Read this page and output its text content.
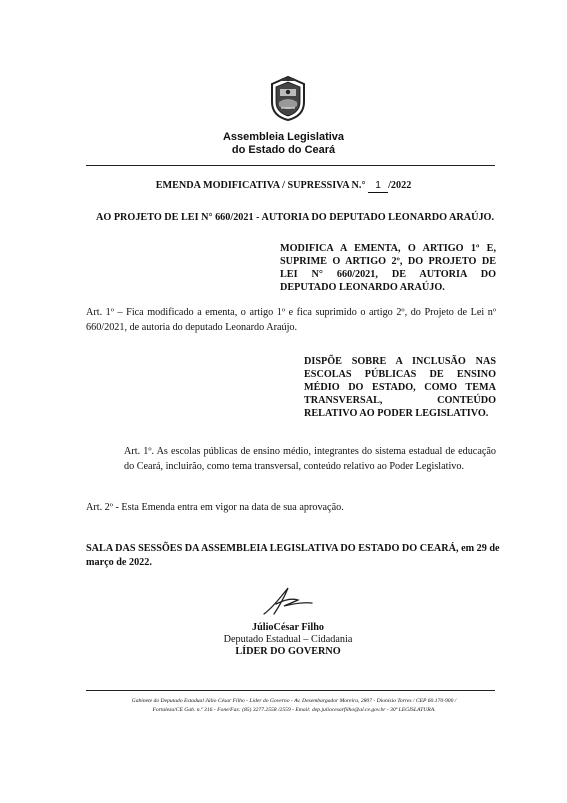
Assembleia Legislativa
do Estado do Ceará
EMENDA MODIFICATIVA / SUPRESSIVA N.° 1 /2022
AO PROJETO DE LEI N° 660/2021 - AUTORIA DO DEPUTADO LEONARDO ARAÚJO.
MODIFICA A EMENTA, O ARTIGO 1º E, SUPRIME O ARTIGO 2º, DO PROJETO DE LEI N° 660/2021, DE AUTORIA DO DEPUTADO LEONARDO ARAÚJO.
Art. 1º – Fica modificado a ementa, o artigo 1º e fica suprimido o artigo 2º, do Projeto de Lei nº 660/2021, de autoria do deputado Leonardo Araújo.
DISPÕE SOBRE A INCLUSÃO NAS ESCOLAS PÚBLICAS DE ENSINO MÉDIO DO ESTADO, COMO TEMA TRANSVERSAL, CONTEÚDO RELATIVO AO PODER LEGISLATIVO.
Art. 1º. As escolas públicas de ensino médio, integrantes do sistema estadual de educação do Ceará, incluirão, como tema transversal, conteúdo relativo ao Poder Legislativo.
Art. 2º - Esta Emenda entra em vigor na data de sua aprovação.
SALA DAS SESSÕES DA ASSEMBLEIA LEGISLATIVA DO ESTADO DO CEARÁ, em 29 de março de 2022.
JúlioCésar Filho
Deputado Estadual – Cidadania
LÍDER DO GOVERNO
Gabinete do Deputado Estadual Júlio César Filho - Líder do Governo - Av. Desembargador Moreira, 2807 - Dionísio Torres / CEP 60.170-900 /
Fortaleza/CE Gab. n.º 316 - Fone/Fax: (85) 3277.2558 /2559 - Email: dep.juliocesarfilho@al.ce.gov.br - 30ª LEGISLATURA.
